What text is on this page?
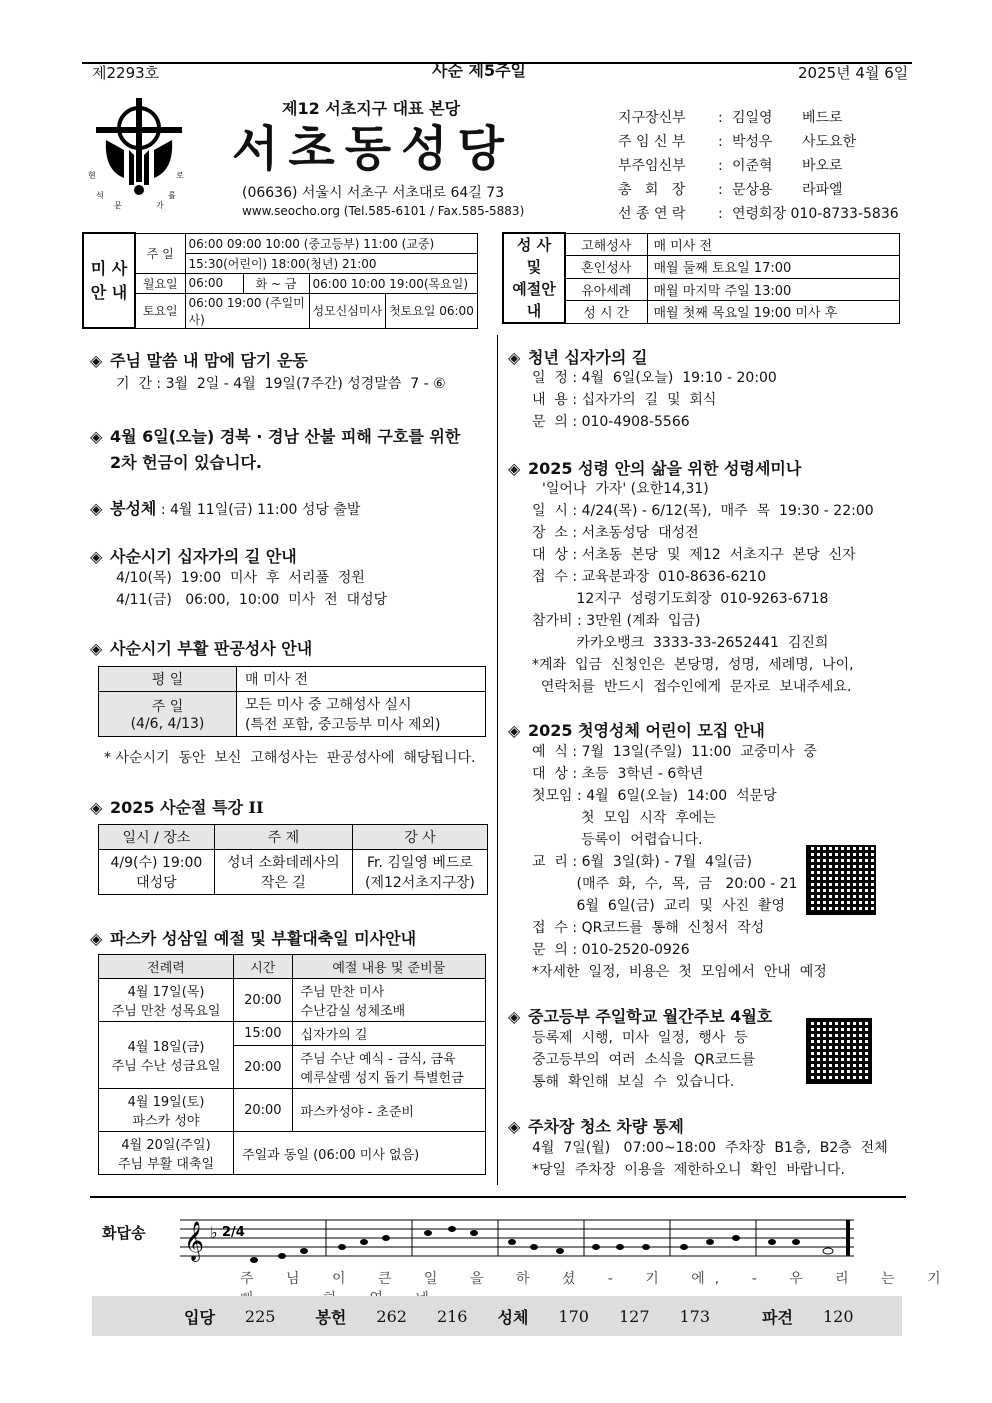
제2293호	사순 제5주일	2025년 4월 6일
현	로
석	롤
문	가
제12 서초지구 대표 본당
서초동성당
(06636) 서울시 서초구 서초대로 64길 73
www.seocho.org (Tel.585-6101 / Fax.585-5883)
지구장신부	: 김일영	베드로
주 임 신 부	: 박성우	사도요한
부주임신부	: 이준혁	바오로
총   회   장	: 문상용	라파엘
선 종 연 락	: 연령회장 010-8733-5836
미 사
안 내	주 일	06:00 09:00 10:00 (중고등부) 11:00 (교중)			
		15:30(어린이) 18:00(청년) 21:00			
	월요일	06:00	화 ~ 금	06:00 10:00 19:00(목요일)	
	토요일	06:00 19:00 (주일미사)		성모신심미사	첫토요일 06:00
성 사
및
예절안내	고해성사	매 미사 전
	혼인성사	매월 둘째 토요일 17:00
	유아세례	매월 마지막 주일 13:00
	성 시 간	매월 첫째 목요일 19:00 미사 후
◈ 주님 말씀 내 맘에 담기 운동
기  간 : 3월  2일 - 4월  19일(7주간) 성경말씀  7 - ⑥
◈ 4월 6일(오늘) 경북 · 경남 산불 피해 구호를 위한
2차 헌금이 있습니다.
◈ 봉성체 : 4월 11일(금) 11:00 성당 출발
◈ 사순시기 십자가의 길 안내
4/10(목)  19:00  미사  후  서리풀  정원
4/11(금)   06:00,  10:00  미사  전  대성당
◈ 사순시기 부활 판공성사 안내
평 일	매 미사 전
주 일
(4/6, 4/13)	모든 미사 중 고해성사 실시
(특전 포함, 중고등부 미사 제외)
* 사순시기  동안  보신  고해성사는  판공성사에  해당됩니다.
◈ 2025 사순절 특강 II
일시 / 장소	주 제	강 사
4/9(수) 19:00
대성당	성녀 소화데레사의
작은 길	Fr. 김일영 베드로
(제12서초지구장)
◈ 파스카 성삼일 예절 및 부활대축일 미사안내
전례력	시간	예절 내용 및 준비물
4월 17일(목)
주님 만찬 성목요일	20:00	주님 만찬 미사
수난감실 성체조배
4월 18일(금)
주님 수난 성금요일	15:00	십자가의 길
	20:00	주님 수난 예식 - 금식, 금육
예루살렘 성지 돕기 특별헌금
4월 19일(토)
파스카 성야	20:00	파스카성야 - 초준비
4월 20일(주일)
주님 부활 대축일	주일과 동일 (06:00 미사 없음)	
◈ 청년 십자가의 길
일  정 : 4월  6일(오늘)  19:10 - 20:00
내  용 : 십자가의  길  및  회식
문  의 : 010-4908-5566
◈ 2025 성령 안의 삶을 위한 성령세미나
'일어나  가자' (요한14,31)
일  시 : 4/24(목) - 6/12(목),  매주  목  19:30 - 22:00
장  소 : 서초동성당  대성전
대  상 : 서초동  본당  및  제12  서초지구  본당  신자
접  수 : 교육분과장  010-8636-6210
12지구  성령기도회장  010-9263-6718
참가비 : 3만원 (계좌  입금)
카카오뱅크  3333-33-2652441  김진희
*계좌  입금  신청인은  본당명,  성명,  세례명,  나이,
연락처를  반드시  접수인에게  문자로  보내주세요.
◈ 2025 첫영성체 어린이 모집 안내
예  식 : 7월  13일(주일)  11:00  교중미사  중
대  상 : 초등  3학년 - 6학년
첫모임 : 4월  6일(오늘)  14:00  석문당
첫  모임  시작  후에는
등록이  어렵습니다.
교  리 : 6월  3일(화) - 7월  4일(금)
(매주  화,  수,  목,  금   20:00 - 21
6월  6일(금)  교리  및  사진  촬영
접  수 : QR코드를  통해  신청서  작성
문  의 : 010-2520-0926
*자세한  일정,  비용은  첫  모임에서  안내  예정
◈ 중고등부 주일학교 월간주보 4월호
등록제  시행,  미사  일정,  행사  등
중고등부의  여러  소식을  QR코드를
통해  확인해  보실  수  있습니다.
◈ 주차장 청소 차량 통제
4월  7일(월)   07:00~18:00  주차장  B1층,  B2층  전체
*당일  주차장  이용을  제한하오니  확인  바랍니다.
화답송 𝄞 ♭ 2/4
주 님 이 큰 일 을 하 셨 - 기 에, - 우 리 는 기
입당 225	봉헌 262 216 성체 170 127 173	파견 120
